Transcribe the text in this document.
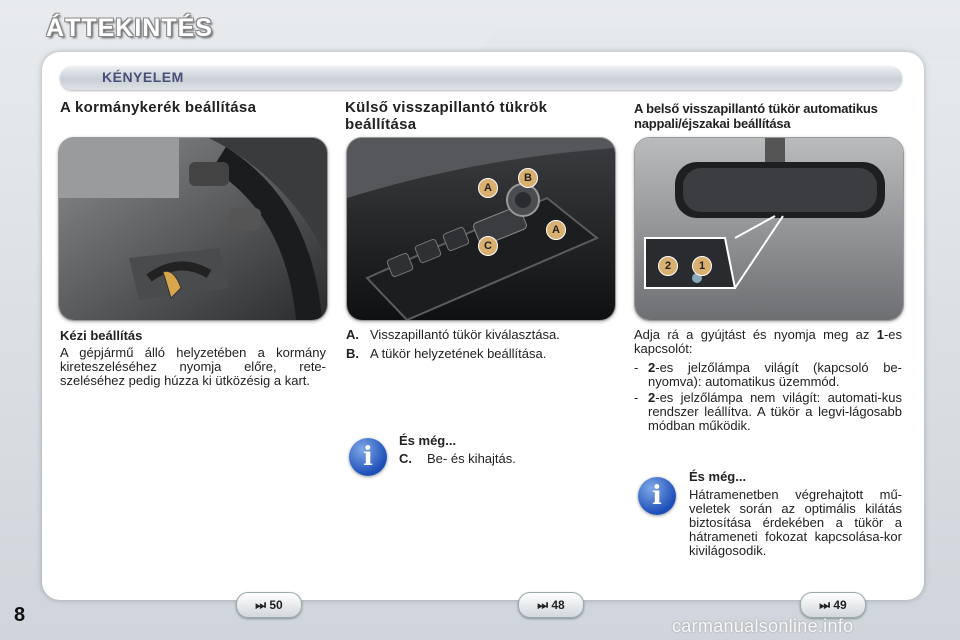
ÁTTEKINTÉS
KÉNYELEM
A kormánykerék beállítása
Kézi beállítás
A gépjármű álló helyzetében a kormány kireteszeléséhez nyomja előre, rete-szeléséhez pedig húzza ki ütközésig a kart.
Külső visszapillantó tükrök beállítása
A
B
C
A
A. Visszapillantó tükör kiválasztása.
B. A tükör helyzetének beállítása.
i
És még...
C.	Be- és kihajtás.
A belső visszapillantó tükör automatikus nappali/éjszakai beállítása
2	1
Adja rá a gyújtást és nyomja meg az 1-es kapcsolót:
- 2-es jelzőlámpa világít (kapcsoló be-nyomva): automatikus üzemmód.
- 2-es jelzőlámpa nem világít: automati-kus rendszer leállítva. A tükör a legvi-lágosabb módban működik.
i
És még...
Hátramenetben végrehajtott mű-veletek során az optimális kilátás biztosítása érdekében a tükör a hátrameneti fokozat kapcsolása-kor kivilágosodik.
⏭ 50	⏭ 48	⏭ 49
8	carmanualsonline.info
